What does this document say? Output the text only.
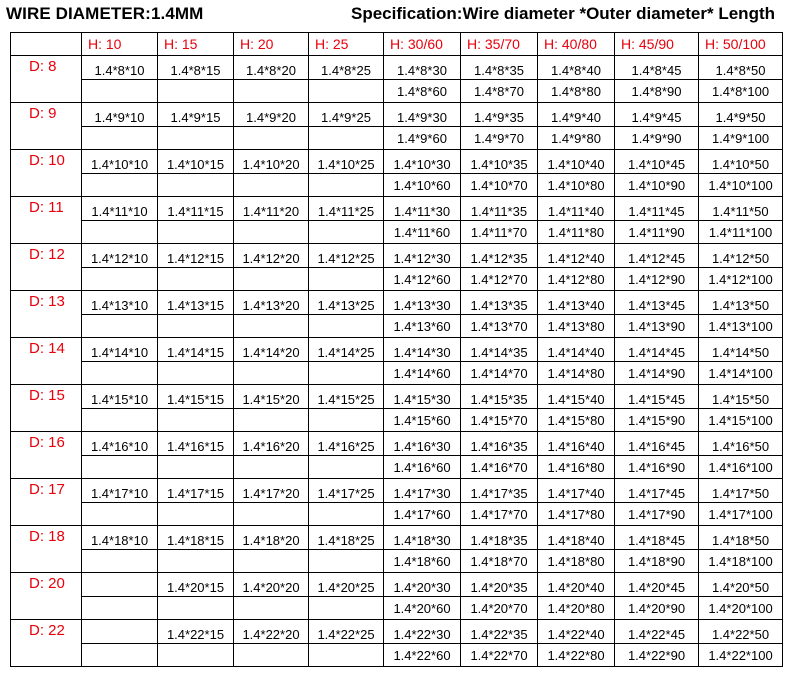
WIRE DIAMETER:1.4MM	Specification:Wire diameter *Outer diameter* Length
	H: 10	H: 15	H: 20	H: 25	H: 30/60	H: 35/70	H: 40/80	H: 45/90	H: 50/100
D: 8	1.4*8*10	1.4*8*15	1.4*8*20	1.4*8*25	1.4*8*30	1.4*8*35	1.4*8*40	1.4*8*45	1.4*8*50
					1.4*8*60	1.4*8*70	1.4*8*80	1.4*8*90	1.4*8*100
D: 9	1.4*9*10	1.4*9*15	1.4*9*20	1.4*9*25	1.4*9*30	1.4*9*35	1.4*9*40	1.4*9*45	1.4*9*50
					1.4*9*60	1.4*9*70	1.4*9*80	1.4*9*90	1.4*9*100
D: 10	1.4*10*10	1.4*10*15	1.4*10*20	1.4*10*25	1.4*10*30	1.4*10*35	1.4*10*40	1.4*10*45	1.4*10*50
					1.4*10*60	1.4*10*70	1.4*10*80	1.4*10*90	1.4*10*100
D: 11	1.4*11*10	1.4*11*15	1.4*11*20	1.4*11*25	1.4*11*30	1.4*11*35	1.4*11*40	1.4*11*45	1.4*11*50
					1.4*11*60	1.4*11*70	1.4*11*80	1.4*11*90	1.4*11*100
D: 12	1.4*12*10	1.4*12*15	1.4*12*20	1.4*12*25	1.4*12*30	1.4*12*35	1.4*12*40	1.4*12*45	1.4*12*50
					1.4*12*60	1.4*12*70	1.4*12*80	1.4*12*90	1.4*12*100
D: 13	1.4*13*10	1.4*13*15	1.4*13*20	1.4*13*25	1.4*13*30	1.4*13*35	1.4*13*40	1.4*13*45	1.4*13*50
					1.4*13*60	1.4*13*70	1.4*13*80	1.4*13*90	1.4*13*100
D: 14	1.4*14*10	1.4*14*15	1.4*14*20	1.4*14*25	1.4*14*30	1.4*14*35	1.4*14*40	1.4*14*45	1.4*14*50
					1.4*14*60	1.4*14*70	1.4*14*80	1.4*14*90	1.4*14*100
D: 15	1.4*15*10	1.4*15*15	1.4*15*20	1.4*15*25	1.4*15*30	1.4*15*35	1.4*15*40	1.4*15*45	1.4*15*50
					1.4*15*60	1.4*15*70	1.4*15*80	1.4*15*90	1.4*15*100
D: 16	1.4*16*10	1.4*16*15	1.4*16*20	1.4*16*25	1.4*16*30	1.4*16*35	1.4*16*40	1.4*16*45	1.4*16*50
					1.4*16*60	1.4*16*70	1.4*16*80	1.4*16*90	1.4*16*100
D: 17	1.4*17*10	1.4*17*15	1.4*17*20	1.4*17*25	1.4*17*30	1.4*17*35	1.4*17*40	1.4*17*45	1.4*17*50
					1.4*17*60	1.4*17*70	1.4*17*80	1.4*17*90	1.4*17*100
D: 18	1.4*18*10	1.4*18*15	1.4*18*20	1.4*18*25	1.4*18*30	1.4*18*35	1.4*18*40	1.4*18*45	1.4*18*50
					1.4*18*60	1.4*18*70	1.4*18*80	1.4*18*90	1.4*18*100
D: 20		1.4*20*15	1.4*20*20	1.4*20*25	1.4*20*30	1.4*20*35	1.4*20*40	1.4*20*45	1.4*20*50
					1.4*20*60	1.4*20*70	1.4*20*80	1.4*20*90	1.4*20*100
D: 22		1.4*22*15	1.4*22*20	1.4*22*25	1.4*22*30	1.4*22*35	1.4*22*40	1.4*22*45	1.4*22*50
					1.4*22*60	1.4*22*70	1.4*22*80	1.4*22*90	1.4*22*100
